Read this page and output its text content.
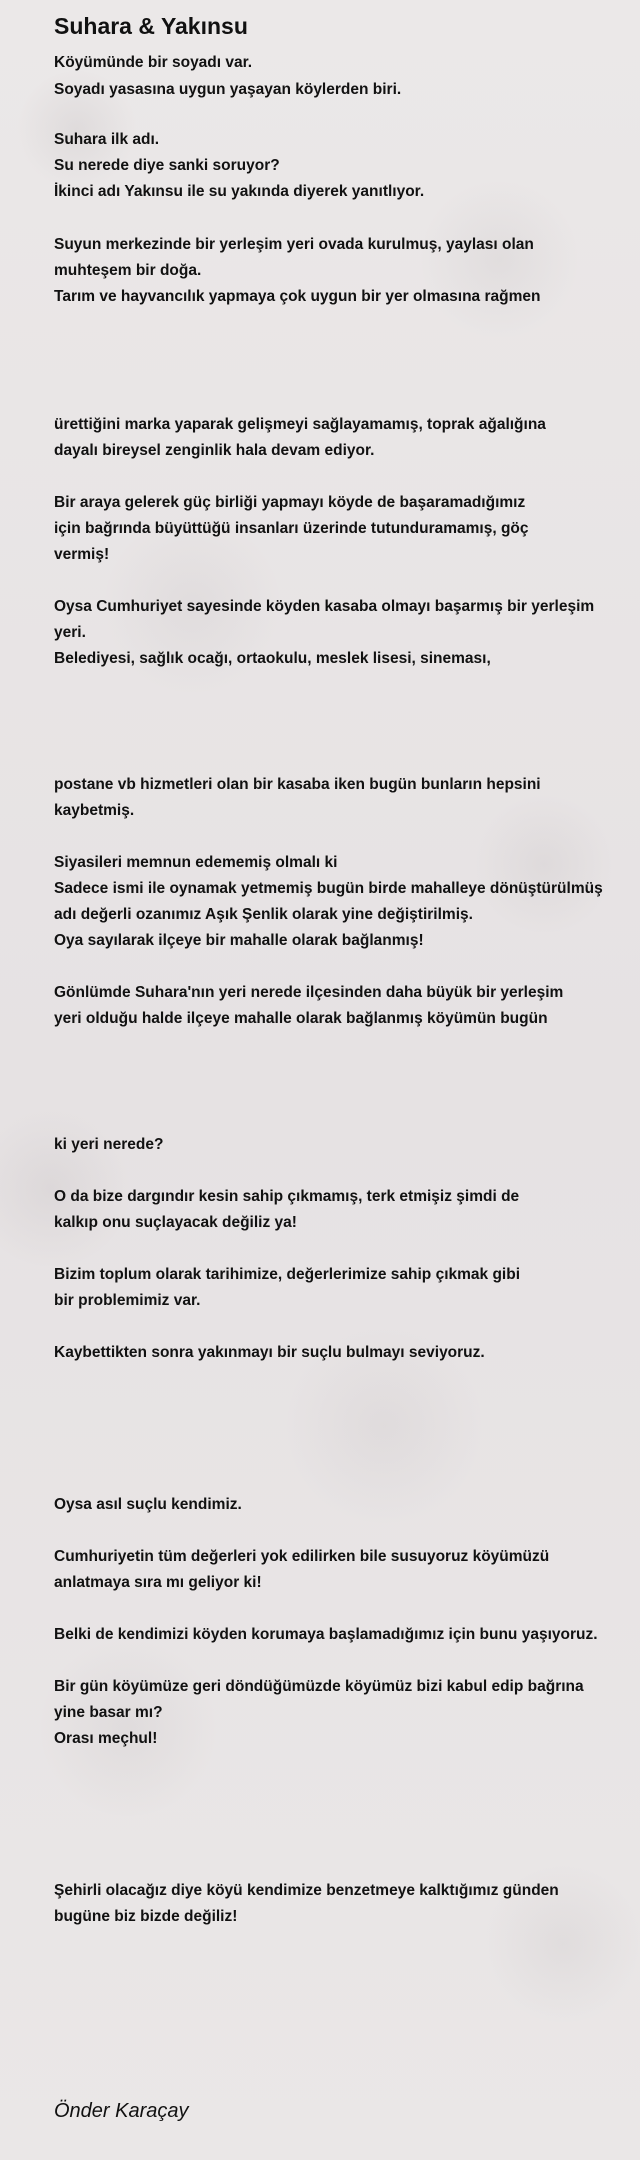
Suhara & Yakınsu
Köyümünde bir soyadı var.
Soyadı yasasına uygun yaşayan köylerden biri.
Suhara ilk adı.
Su nerede diye sanki soruyor?
İkinci adı Yakınsu ile su yakında diyerek yanıtlıyor.
Suyun merkezinde bir yerleşim yeri ovada kurulmuş, yaylası olan
muhteşem bir doğa.
Tarım ve hayvancılık yapmaya çok uygun bir yer olmasına rağmen
ürettiğini marka yaparak gelişmeyi sağlayamamış, toprak ağalığına
dayalı bireysel zenginlik hala devam ediyor.
Bir araya gelerek güç birliği yapmayı köyde de başaramadığımız
için bağrında büyüttüğü insanları üzerinde tutunduramamış, göç
vermiş!
Oysa Cumhuriyet sayesinde köyden kasaba olmayı başarmış bir yerleşim
yeri.
Belediyesi, sağlık ocağı, ortaokulu, meslek lisesi, sineması,
postane vb hizmetleri olan bir kasaba iken bugün bunların hepsini
kaybetmiş.
Siyasileri memnun edememiş olmalı ki
Sadece ismi ile oynamak yetmemiş bugün birde mahalleye dönüştürülmüş
adı değerli ozanımız Aşık Şenlik olarak yine değiştirilmiş.
Oya sayılarak ilçeye bir mahalle olarak bağlanmış!
Gönlümde Suhara'nın yeri nerede ilçesinden daha büyük bir yerleşim
yeri olduğu halde ilçeye mahalle olarak bağlanmış köyümün bugün
ki yeri nerede?
O da bize dargındır kesin sahip çıkmamış, terk etmişiz şimdi de
kalkıp onu suçlayacak değiliz ya!
Bizim toplum olarak tarihimize, değerlerimize sahip çıkmak gibi
bir problemimiz var.
Kaybettikten sonra yakınmayı bir suçlu bulmayı seviyoruz.
Oysa asıl suçlu kendimiz.
Cumhuriyetin tüm değerleri yok edilirken bile susuyoruz köyümüzü
anlatmaya sıra mı geliyor ki!
Belki de kendimizi köyden korumaya başlamadığımız için bunu yaşıyoruz.
Bir gün köyümüze geri döndüğümüzde köyümüz bizi kabul edip bağrına
yine basar mı?
Orası meçhul!
Şehirli olacağız diye köyü kendimize benzetmeye kalktığımız günden
bugüne biz bizde değiliz!
Önder Karaçay
